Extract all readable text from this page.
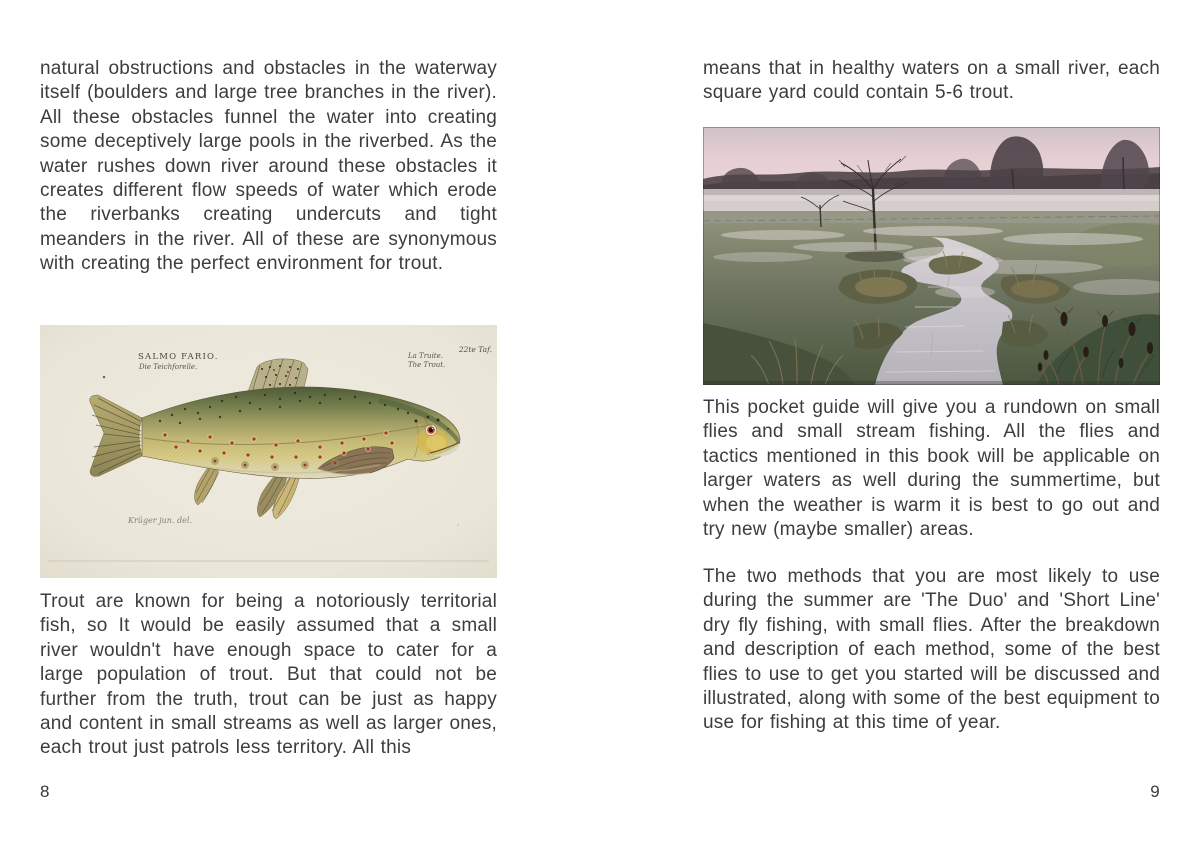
natural obstructions and obstacles in the waterway itself (boulders and large tree branches in the river). All these obstacles funnel the water into creating some deceptively large pools in the riverbed. As the water rushes down river around these obstacles it creates different flow speeds of water which erode the riverbanks creating undercuts and tight meanders in the river. All of these are synonymous with creating the perfect environment for trout.
SALMO FARIO.
Die Teichforelle.
22te Taf.
La Truite.
The Trout.
Krüger jun. del.
Trout are known for being a notoriously territorial fish, so It would be easily assumed that a small river wouldn't have enough space to cater for a large population of trout. But that could not be further from the truth, trout can be just as happy and content in small streams as well as larger ones, each trout just patrols less territory. All this
8
means that in healthy waters on a small river, each square yard could contain 5-6 trout.
This pocket guide will give you a rundown on small flies and small stream fishing. All the flies and tactics mentioned in this book will be applicable on larger waters as well during the summertime, but when the weather is warm it is best to go out and try new (maybe smaller) areas.
The two methods that you are most likely to use during the summer are 'The Duo' and 'Short Line' dry fly fishing, with small flies. After the breakdown and description of each method, some of the best flies to use to get you started will be discussed and illustrated, along with some of the best equipment to use for fishing at this time of year.
9
